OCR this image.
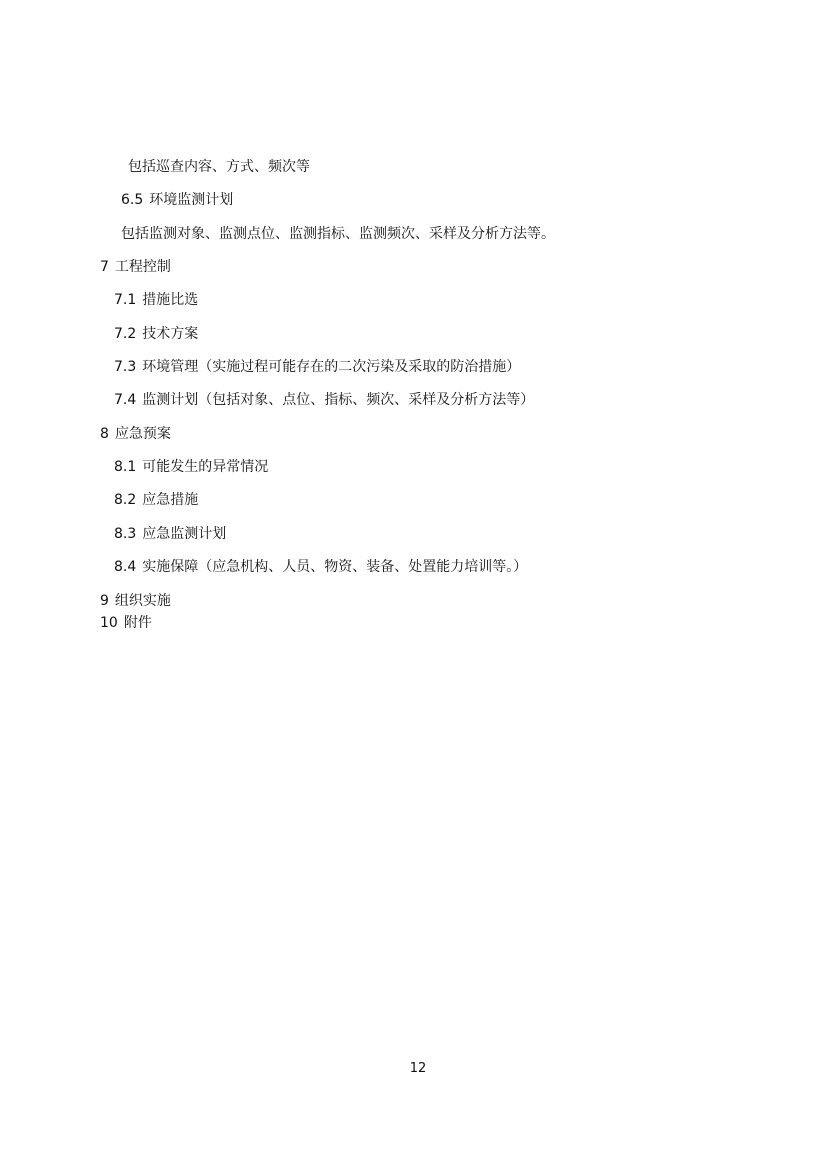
包括巡查内容、方式、频次等
6.5 环境监测计划
包括监测对象、监测点位、监测指标、监测频次、采样及分析方法等。
7 工程控制
7.1 措施比选
7.2 技术方案
7.3 环境管理（实施过程可能存在的二次污染及采取的防治措施）
7.4 监测计划（包括对象、点位、指标、频次、采样及分析方法等）
8 应急预案
8.1 可能发生的异常情况
8.2 应急措施
8.3 应急监测计划
8.4 实施保障（应急机构、人员、物资、装备、处置能力培训等。）
9 组织实施
10 附件
12
